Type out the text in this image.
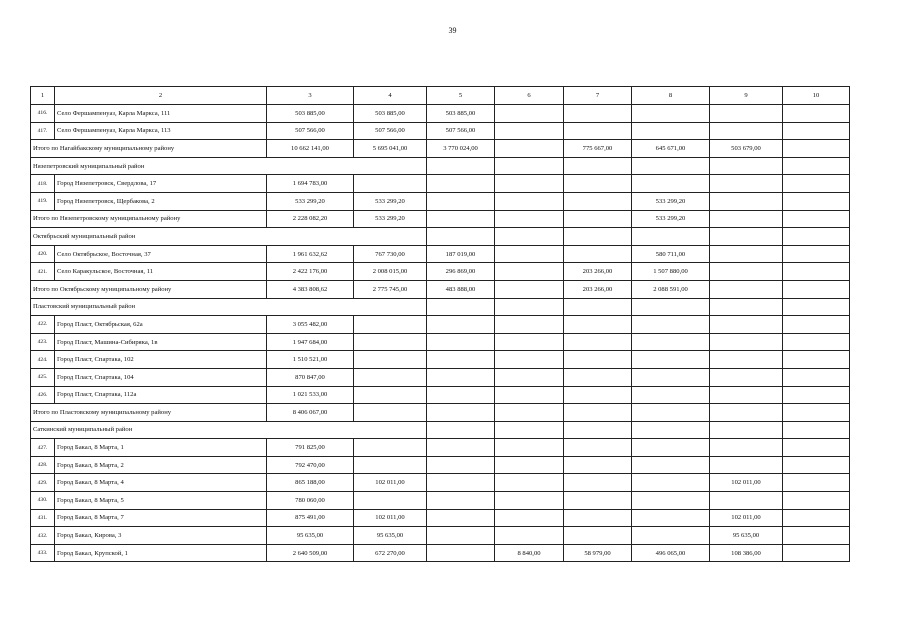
39
1	2	3	4	5	6	7	8	9	10
416.	Село Фершампенуаз, Карла Маркса, 111	503 885,00	503 885,00	503 885,00					
417.	Село Фершампенуаз, Карла Маркса, 113	507 566,00	507 566,00	507 566,00					
Итого по Нагайбакскому муниципальному району		10 662 141,00	5 695 041,00	3 770 024,00		775 667,00	645 671,00	503 679,00	
Нязепетровский муниципальный район									
418.	Город Нязепетровск, Свердлова, 17	1 694 783,00							
419.	Город Нязепетровск, Щербакова, 2	533 299,20	533 299,20				533 299,20		
Итого по Нязепетровскому муниципальному району		2 228 082,20	533 299,20				533 299,20		
Октябрьский муниципальный район									
420.	Село Октябрьское, Восточная, 37	1 961 632,62	767 730,00	187 019,00			580 711,00		
421.	Село Каракульское, Восточная, 11	2 422 176,00	2 008 015,00	296 869,00		203 266,00	1 507 880,00		
Итого по Октябрьскому муниципальному району		4 383 808,62	2 775 745,00	483 888,00		203 266,00	2 088 591,00		
Пластовский муниципальный район									
422.	Город Пласт, Октябрьская, 62а	3 055 482,00							
423.	Город Пласт, Машина-Сибиряка, 1в	1 947 684,00							
424.	Город Пласт, Спартака, 102	1 510 521,00							
425.	Город Пласт, Спартака, 104	870 847,00							
426.	Город Пласт, Спартака, 112а	1 021 533,00							
Итого по Пластовскому муниципальному району		8 406 067,00							
Саткинский муниципальный район									
427.	Город Бакал, 8 Марта, 1	791 825,00							
428.	Город Бакал, 8 Марта, 2	792 470,00							
429.	Город Бакал, 8 Марта, 4	865 188,00	102 011,00					102 011,00	
430.	Город Бакал, 8 Марта, 5	780 060,00							
431.	Город Бакал, 8 Марта, 7	875 491,00	102 011,00					102 011,00	
432.	Город Бакал, Кирова, 3	95 635,00	95 635,00					95 635,00	
433.	Город Бакал, Крупской, 1	2 640 509,00	672 270,00		8 840,00	58 979,00	496 065,00	108 386,00	
